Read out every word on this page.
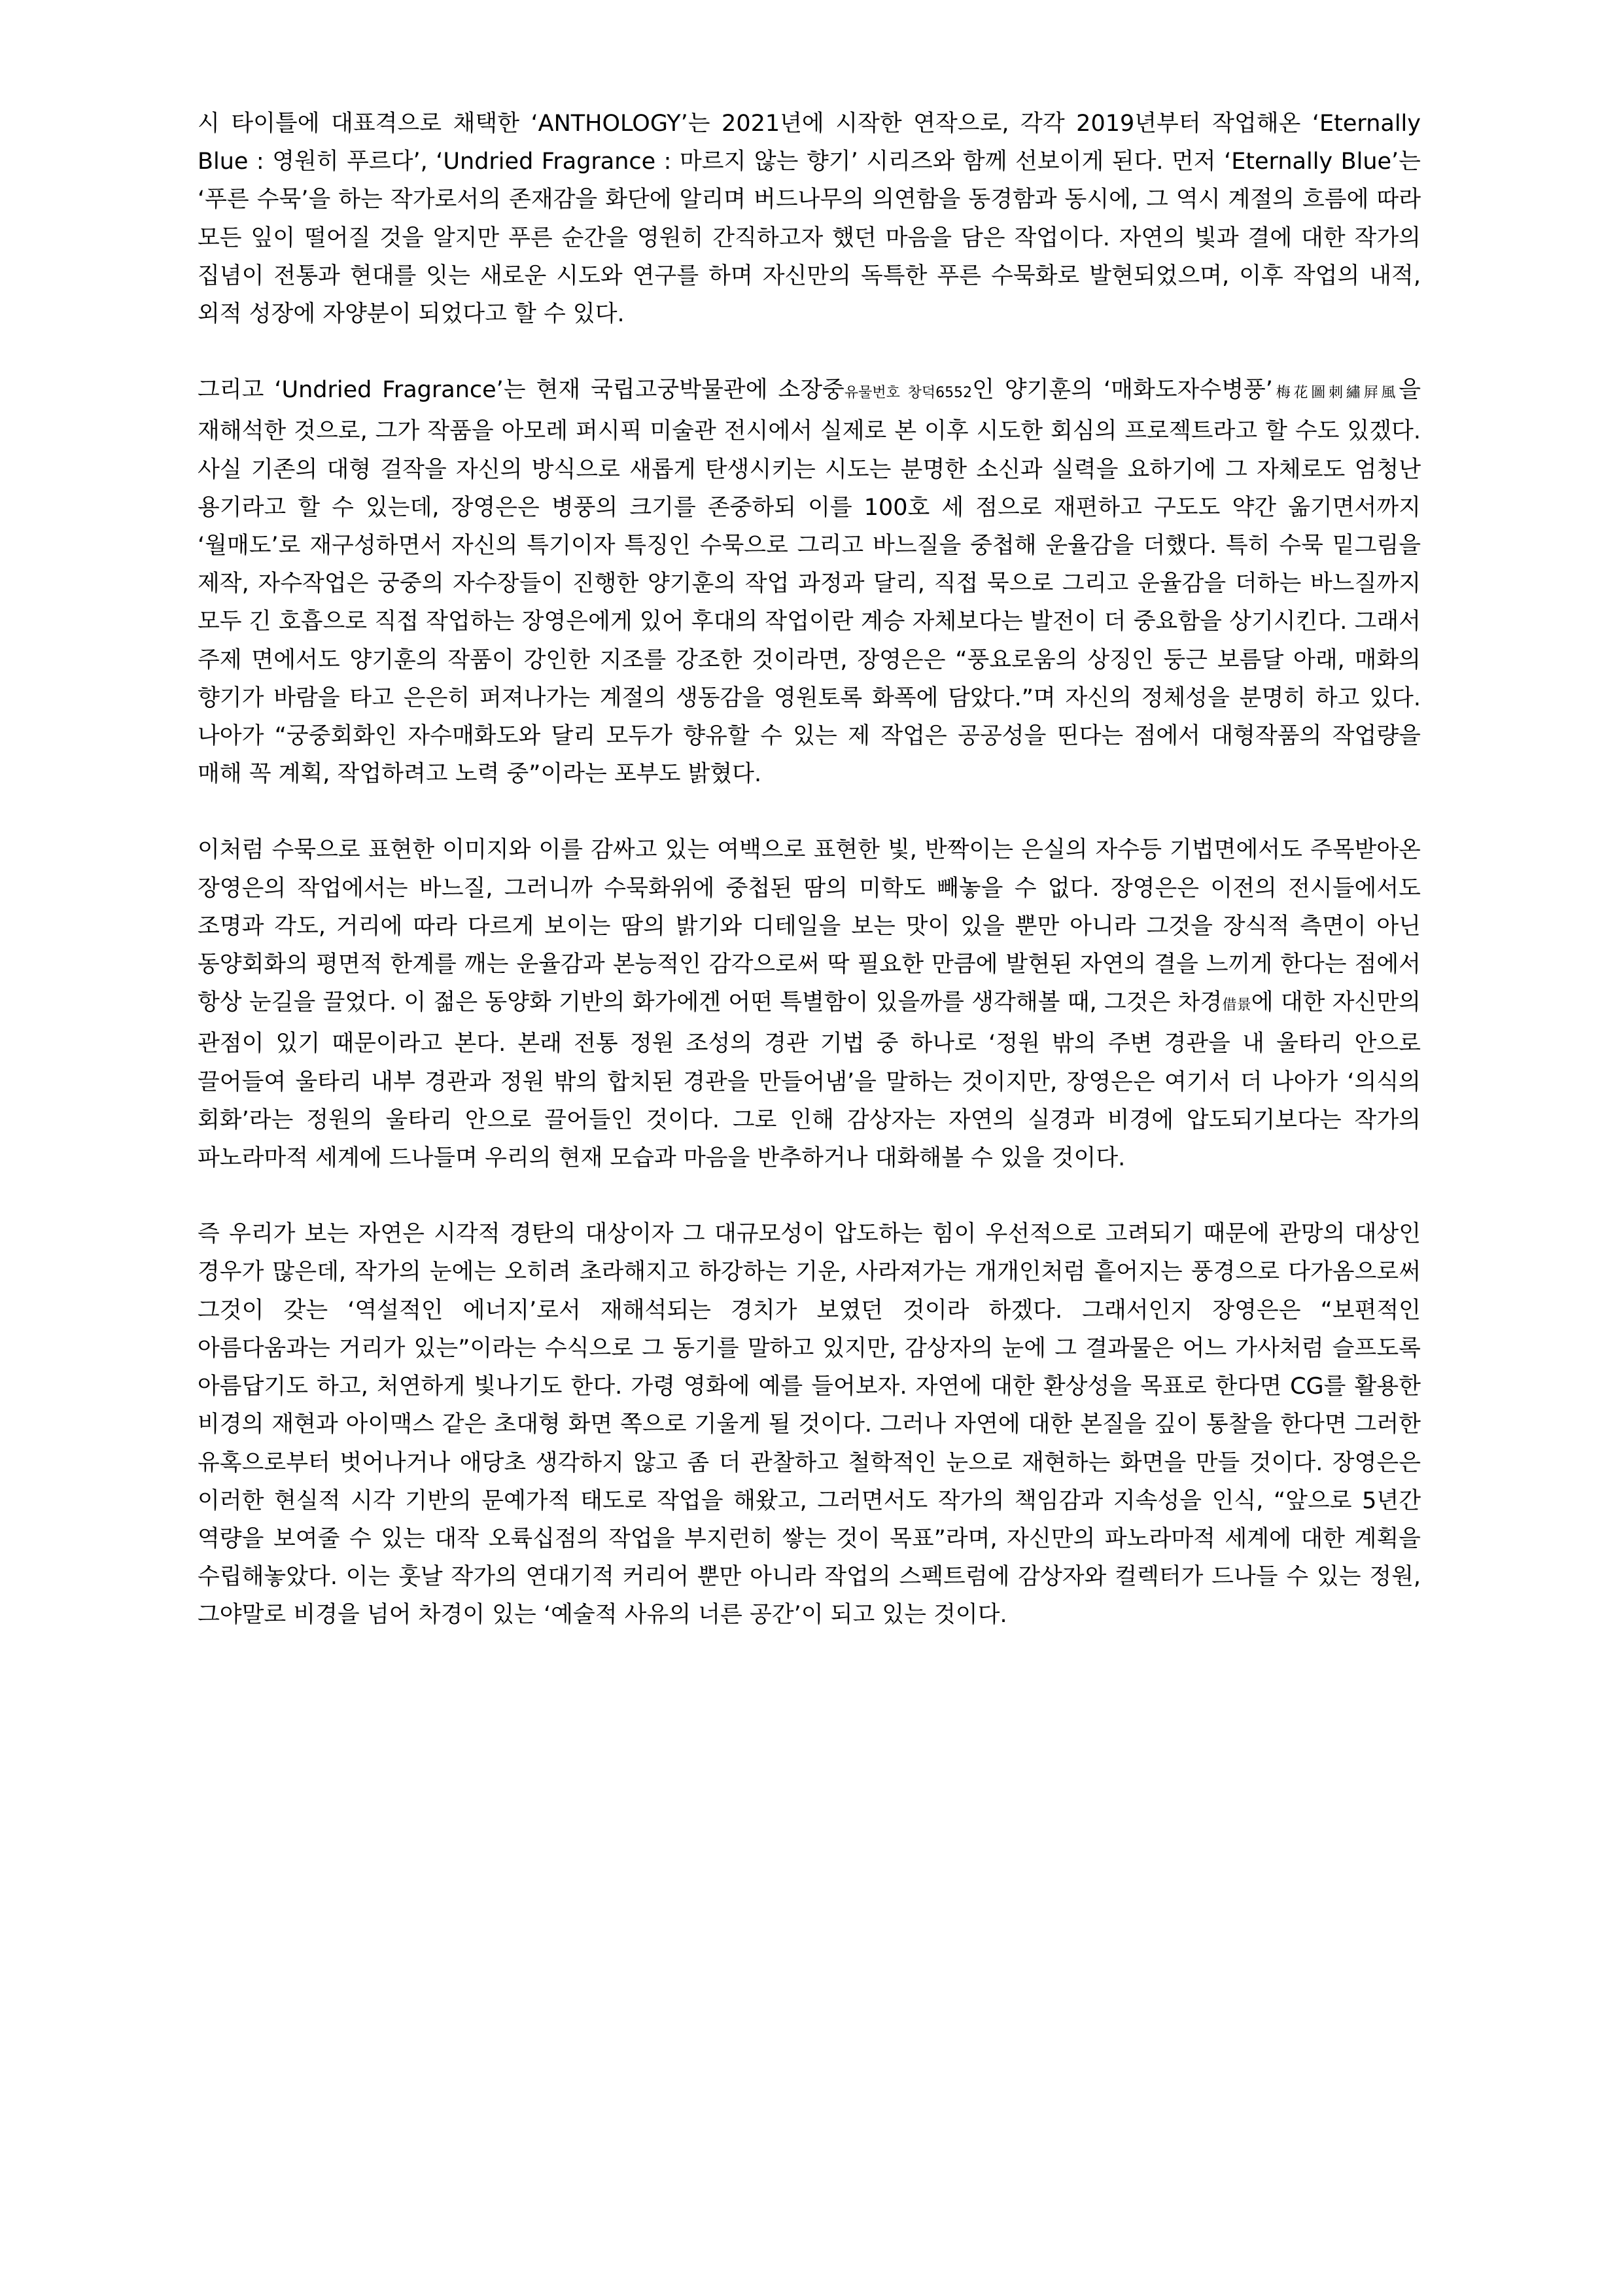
시 타이틀에 대표격으로 채택한 ‘ANTHOLOGY’는 2021년에 시작한 연작으로, 각각 2019년부터 작업해온 ‘Eternally Blue : 영원히 푸르다’, ‘Undried Fragrance : 마르지 않는 향기’ 시리즈와 함께 선보이게 된다. 먼저 ‘Eternally Blue’는 ‘푸른 수묵’을 하는 작가로서의 존재감을 화단에 알리며 버드나무의 의연함을 동경함과 동시에, 그 역시 계절의 흐름에 따라 모든 잎이 떨어질 것을 알지만 푸른 순간을 영원히 간직하고자 했던 마음을 담은 작업이다. 자연의 빛과 결에 대한 작가의 집념이 전통과 현대를 잇는 새로운 시도와 연구를 하며 자신만의 독특한 푸른 수묵화로 발현되었으며, 이후 작업의 내적, 외적 성장에 자양분이 되었다고 할 수 있다.

그리고 ‘Undried Fragrance’는 현재 국립고궁박물관에 소장중유물번호 창덕6552인 양기훈의 ‘매화도자수병풍’梅花圖刺繡屛風을 재해석한 것으로, 그가 작품을 아모레 퍼시픽 미술관 전시에서 실제로 본 이후 시도한 회심의 프로젝트라고 할 수도 있겠다. 사실 기존의 대형 걸작을 자신의 방식으로 새롭게 탄생시키는 시도는 분명한 소신과 실력을 요하기에 그 자체로도 엄청난 용기라고 할 수 있는데, 장영은은 병풍의 크기를 존중하되 이를 100호 세 점으로 재편하고 구도도 약간 옮기면서까지 ‘월매도’로 재구성하면서 자신의 특기이자 특징인 수묵으로 그리고 바느질을 중첩해 운율감을 더했다. 특히 수묵 밑그림을 제작, 자수작업은 궁중의 자수장들이 진행한 양기훈의 작업 과정과 달리, 직접 묵으로 그리고 운율감을 더하는 바느질까지 모두 긴 호흡으로 직접 작업하는 장영은에게 있어 후대의 작업이란 계승 자체보다는 발전이 더 중요함을 상기시킨다. 그래서 주제 면에서도 양기훈의 작품이 강인한 지조를 강조한 것이라면, 장영은은 “풍요로움의 상징인 둥근 보름달 아래, 매화의 향기가 바람을 타고 은은히 퍼져나가는 계절의 생동감을 영원토록 화폭에 담았다.”며 자신의 정체성을 분명히 하고 있다. 나아가 “궁중회화인 자수매화도와 달리 모두가 향유할 수 있는 제 작업은 공공성을 띤다는 점에서 대형작품의 작업량을 매해 꼭 계획, 작업하려고 노력 중”이라는 포부도 밝혔다.

이처럼 수묵으로 표현한 이미지와 이를 감싸고 있는 여백으로 표현한 빛, 반짝이는 은실의 자수등 기법면에서도 주목받아온 장영은의 작업에서는 바느질, 그러니까 수묵화위에 중첩된 땀의 미학도 빼놓을 수 없다. 장영은은 이전의 전시들에서도 조명과 각도, 거리에 따라 다르게 보이는 땀의 밝기와 디테일을 보는 맛이 있을 뿐만 아니라 그것을 장식적 측면이 아닌 동양회화의 평면적 한계를 깨는 운율감과 본능적인 감각으로써 딱 필요한 만큼에 발현된 자연의 결을 느끼게 한다는 점에서 항상 눈길을 끌었다. 이 젊은 동양화 기반의 화가에겐 어떤 특별함이 있을까를 생각해볼 때, 그것은 차경借景에 대한 자신만의 관점이 있기 때문이라고 본다. 본래 전통 정원 조성의 경관 기법 중 하나로 ‘정원 밖의 주변 경관을 내 울타리 안으로 끌어들여 울타리 내부 경관과 정원 밖의 합치된 경관을 만들어냄’을 말하는 것이지만, 장영은은 여기서 더 나아가 ‘의식의 회화’라는 정원의 울타리 안으로 끌어들인 것이다. 그로 인해 감상자는 자연의 실경과 비경에 압도되기보다는 작가의 파노라마적 세계에 드나들며 우리의 현재 모습과 마음을 반추하거나 대화해볼 수 있을 것이다.

즉 우리가 보는 자연은 시각적 경탄의 대상이자 그 대규모성이 압도하는 힘이 우선적으로 고려되기 때문에 관망의 대상인 경우가 많은데, 작가의 눈에는 오히려 초라해지고 하강하는 기운, 사라져가는 개개인처럼 흩어지는 풍경으로 다가옴으로써 그것이 갖는 ‘역설적인 에너지’로서 재해석되는 경치가 보였던 것이라 하겠다. 그래서인지 장영은은 “보편적인 아름다움과는 거리가 있는”이라는 수식으로 그 동기를 말하고 있지만, 감상자의 눈에 그 결과물은 어느 가사처럼 슬프도록 아름답기도 하고, 처연하게 빛나기도 한다. 가령 영화에 예를 들어보자. 자연에 대한 환상성을 목표로 한다면 CG를 활용한 비경의 재현과 아이맥스 같은 초대형 화면 쪽으로 기울게 될 것이다. 그러나 자연에 대한 본질을 깊이 통찰을 한다면 그러한 유혹으로부터 벗어나거나 애당초 생각하지 않고 좀 더 관찰하고 철학적인 눈으로 재현하는 화면을 만들 것이다. 장영은은 이러한 현실적 시각 기반의 문예가적 태도로 작업을 해왔고, 그러면서도 작가의 책임감과 지속성을 인식, “앞으로 5년간 역량을 보여줄 수 있는 대작 오륙십점의 작업을 부지런히 쌓는 것이 목표”라며, 자신만의 파노라마적 세계에 대한 계획을 수립해놓았다. 이는 훗날 작가의 연대기적 커리어 뿐만 아니라 작업의 스펙트럼에 감상자와 컬렉터가 드나들 수 있는 정원, 그야말로 비경을 넘어 차경이 있는 ‘예술적 사유의 너른 공간’이 되고 있는 것이다.
